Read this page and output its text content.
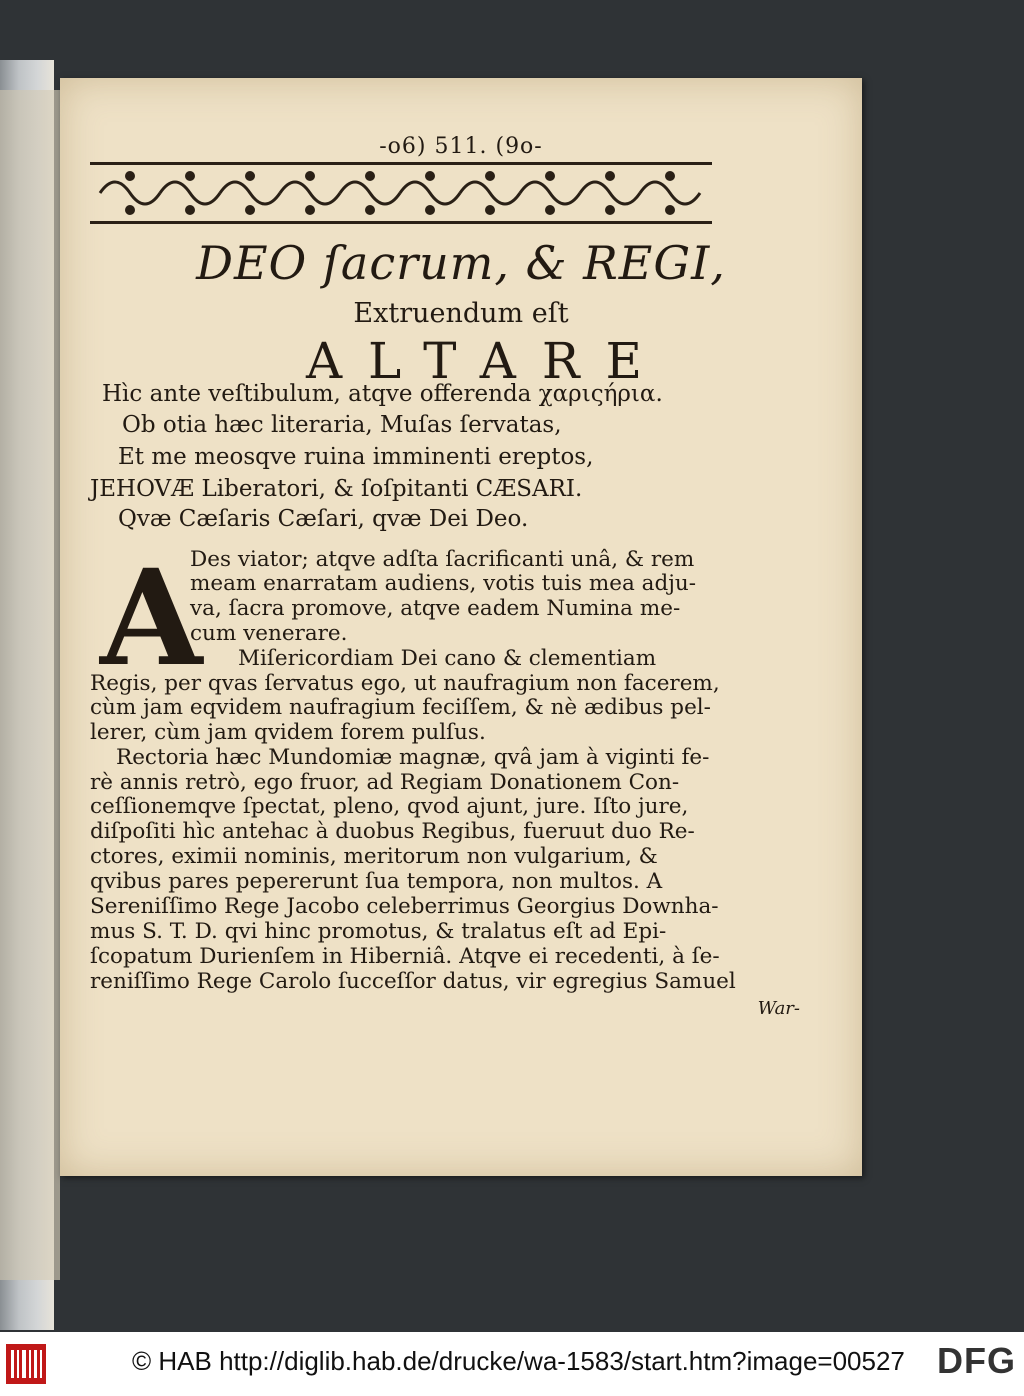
-o6) 511. (9o-
DEO ſacrum, & REGI,
Extruendum eſt
ALTARE
Hìc ante veſtibulum, atqve offerenda χαριςήρια.
Ob otia hæc literaria, Muſas ſervatas,
Et me meosqve ruina imminenti ereptos,
JEHOVÆ Liberatori, & ſoſpitanti CÆSARI.
Qvæ Cæſaris Cæſari, qvæ Dei Deo.
A
Des viator; atqve adſta ſacrificanti unâ, & rem
meam enarratam audiens, votis tuis mea adju-
va, ſacra promove, atqve eadem Numina me-
cum venerare.
Miſericordiam Dei cano & clementiam
Regis, per qvas ſervatus ego, ut naufragium non facerem,
cùm jam eqvidem naufragium feciſſem, & nè ædibus pel-
lerer, cùm jam qvidem forem pulſus.
Rectoria hæc Mundomiæ magnæ, qvâ jam à viginti fe-
rè annis retrò, ego fruor, ad Regiam Donationem Con-
ceſſionemqve ſpectat, pleno, qvod ajunt, jure. Iſto jure,
diſpoſiti hìc antehac à duobus Regibus, fueruut duo Re-
ctores, eximii nominis, meritorum non vulgarium, &
qvibus pares pepererunt ſua tempora, non multos. A
Sereniſſimo Rege Jacobo celeberrimus Georgius Downha-
mus S. T. D. qvi hinc promotus, & tralatus eſt ad Epi-
ſcopatum Durienſem in Hiberniâ. Atqve ei recedenti, à ſe-
reniſſimo Rege Carolo ſucceſſor datus, vir egregius Samuel
War-
© HAB http://diglib.hab.de/drucke/wa-1583/start.htm?image=00527 DFG
